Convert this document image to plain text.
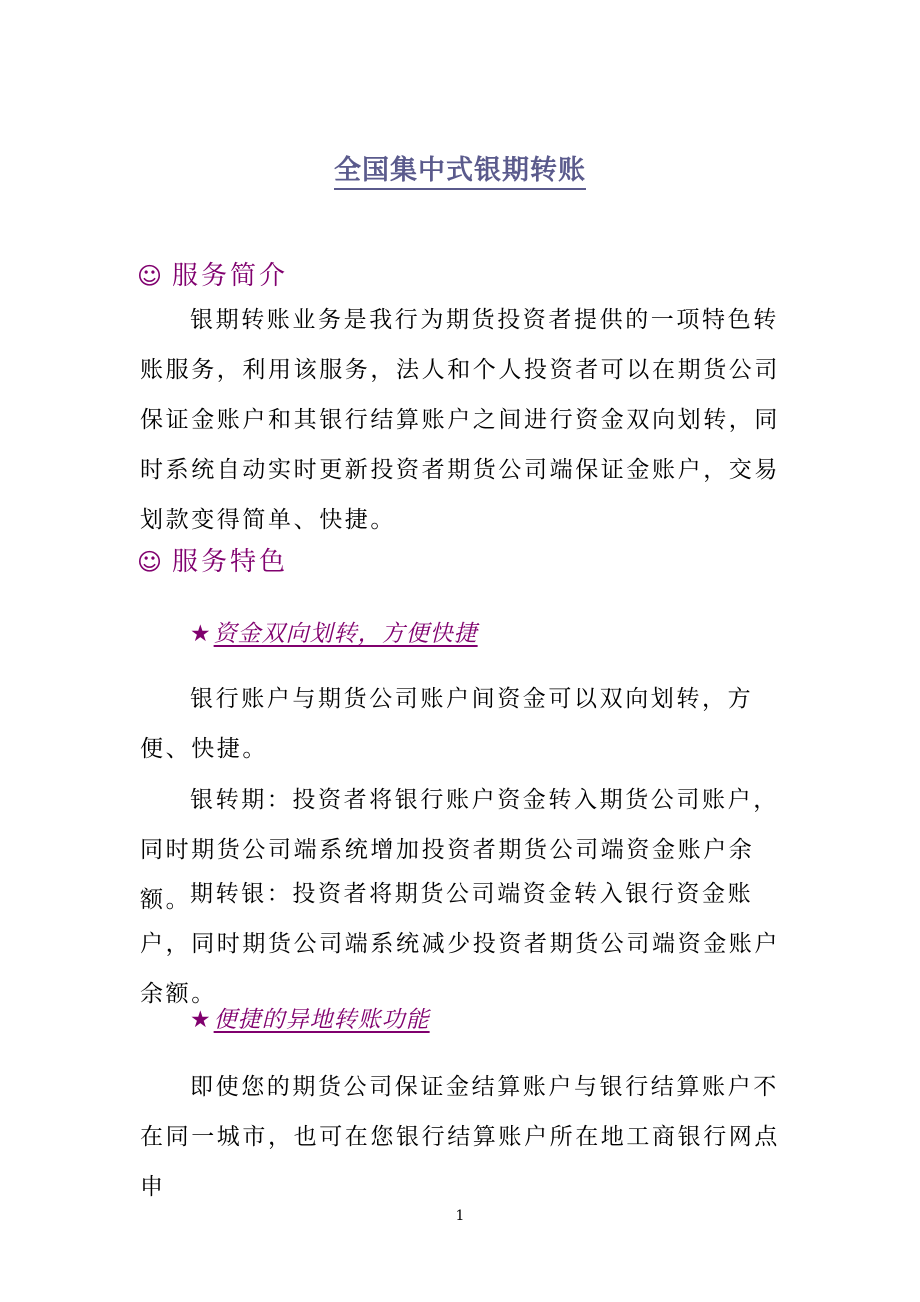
全国集中式银期转账
☺ 服务简介
银期转账业务是我行为期货投资者提供的一项特色转账服务，利用该服务，法人和个人投资者可以在期货公司保证金账户和其银行结算账户之间进行资金双向划转，同时系统自动实时更新投资者期货公司端保证金账户，交易划款变得简单、快捷。
☺ 服务特色
★资金双向划转，方便快捷
银行账户与期货公司账户间资金可以双向划转，方便、快捷。
银转期：投资者将银行账户资金转入期货公司账户，同时期货公司端系统增加投资者期货公司端资金账户余额。
期转银：投资者将期货公司端资金转入银行资金账户，同时期货公司端系统减少投资者期货公司端资金账户余额。
★便捷的异地转账功能
即使您的期货公司保证金结算账户与银行结算账户不在同一城市，也可在您银行结算账户所在地工商银行网点申
1
